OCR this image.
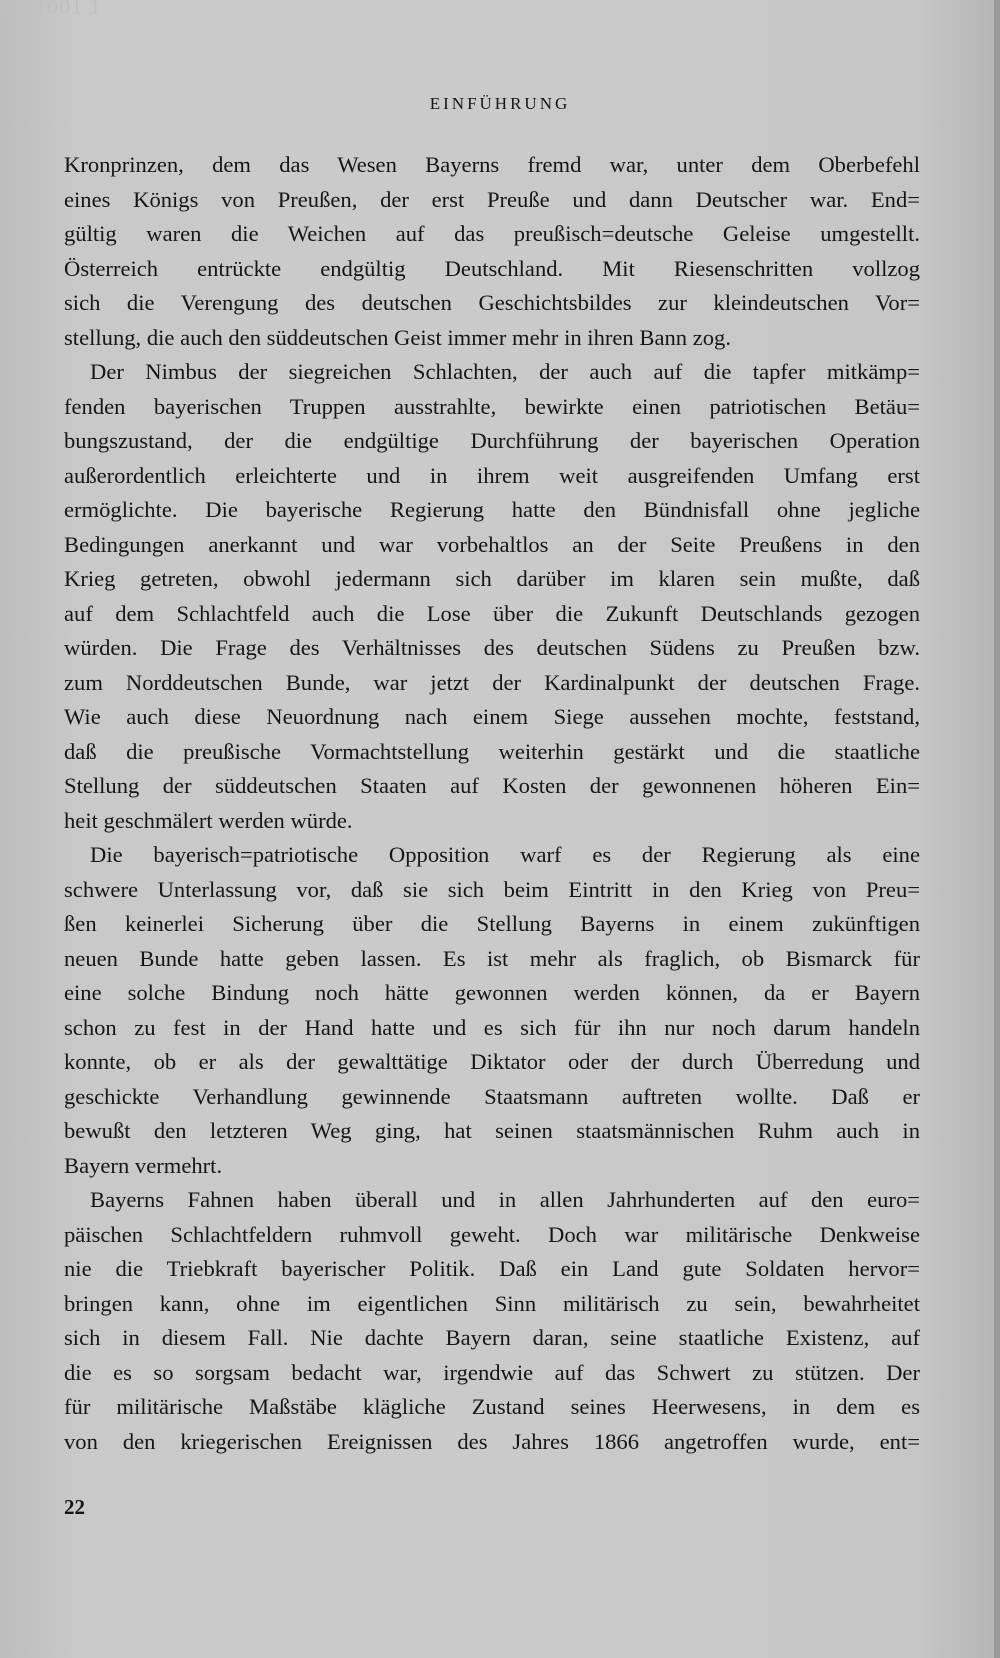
0011001 1
EINFÜHRUNG
Kronprinzen, dem das Wesen Bayerns fremd war, unter dem Oberbefehl
eines Königs von Preußen, der erst Preuße und dann Deutscher war. End=
gültig waren die Weichen auf das preußisch=deutsche Geleise umgestellt.
Österreich entrückte endgültig Deutschland. Mit Riesenschritten vollzog
sich die Verengung des deutschen Geschichtsbildes zur kleindeutschen Vor=
stellung, die auch den süddeutschen Geist immer mehr in ihren Bann zog.
Der Nimbus der siegreichen Schlachten, der auch auf die tapfer mitkämp=
fenden bayerischen Truppen ausstrahlte, bewirkte einen patriotischen Betäu=
bungszustand, der die endgültige Durchführung der bayerischen Operation
außerordentlich erleichterte und in ihrem weit ausgreifenden Umfang erst
ermöglichte. Die bayerische Regierung hatte den Bündnisfall ohne jegliche
Bedingungen anerkannt und war vorbehaltlos an der Seite Preußens in den
Krieg getreten, obwohl jedermann sich darüber im klaren sein mußte, daß
auf dem Schlachtfeld auch die Lose über die Zukunft Deutschlands gezogen
würden. Die Frage des Verhältnisses des deutschen Südens zu Preußen bzw.
zum Norddeutschen Bunde, war jetzt der Kardinalpunkt der deutschen Frage.
Wie auch diese Neuordnung nach einem Siege aussehen mochte, feststand,
daß die preußische Vormachtstellung weiterhin gestärkt und die staatliche
Stellung der süddeutschen Staaten auf Kosten der gewonnenen höheren Ein=
heit geschmälert werden würde.
Die bayerisch=patriotische Opposition warf es der Regierung als eine
schwere Unterlassung vor, daß sie sich beim Eintritt in den Krieg von Preu=
ßen keinerlei Sicherung über die Stellung Bayerns in einem zukünftigen
neuen Bunde hatte geben lassen. Es ist mehr als fraglich, ob Bismarck für
eine solche Bindung noch hätte gewonnen werden können, da er Bayern
schon zu fest in der Hand hatte und es sich für ihn nur noch darum handeln
konnte, ob er als der gewalttätige Diktator oder der durch Überredung und
geschickte Verhandlung gewinnende Staatsmann auftreten wollte. Daß er
bewußt den letzteren Weg ging, hat seinen staatsmännischen Ruhm auch in
Bayern vermehrt.
Bayerns Fahnen haben überall und in allen Jahrhunderten auf den euro=
päischen Schlachtfeldern ruhmvoll geweht. Doch war militärische Denkweise
nie die Triebkraft bayerischer Politik. Daß ein Land gute Soldaten hervor=
bringen kann, ohne im eigentlichen Sinn militärisch zu sein, bewahrheitet
sich in diesem Fall. Nie dachte Bayern daran, seine staatliche Existenz, auf
die es so sorgsam bedacht war, irgendwie auf das Schwert zu stützen. Der
für militärische Maßstäbe klägliche Zustand seines Heerwesens, in dem es
von den kriegerischen Ereignissen des Jahres 1866 angetroffen wurde, ent=
22
